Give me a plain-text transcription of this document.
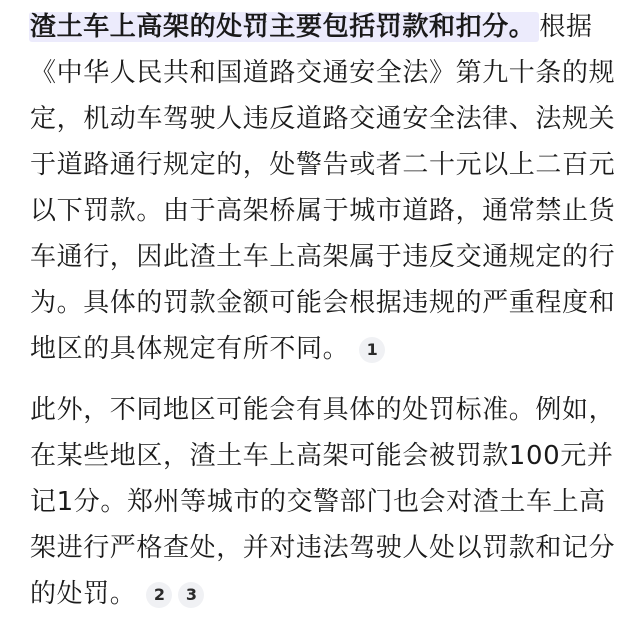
渣土车上高架的处罚主要包括罚款和扣分。 根据《中华人民共和国道路交通安全法》第九十条的规定，机动车驾驶人违反道路交通安全法律、法规关于道路通行规定的，处警告或者二十元以上二百元以下罚款。由于高架桥属于城市道路，通常禁止货车通行，因此渣土车上高架属于违反交通规定的行为。具体的罚款金额可能会根据违规的严重程度和地区的具体规定有所不同。 1

此外，不同地区可能会有具体的处罚标准。例如，在某些地区，渣土车上高架可能会被罚款100元并记1分。郑州等城市的交警部门也会对渣土车上高架进行严格查处，并对违法驾驶人处以罚款和记分的处罚。 2 3
